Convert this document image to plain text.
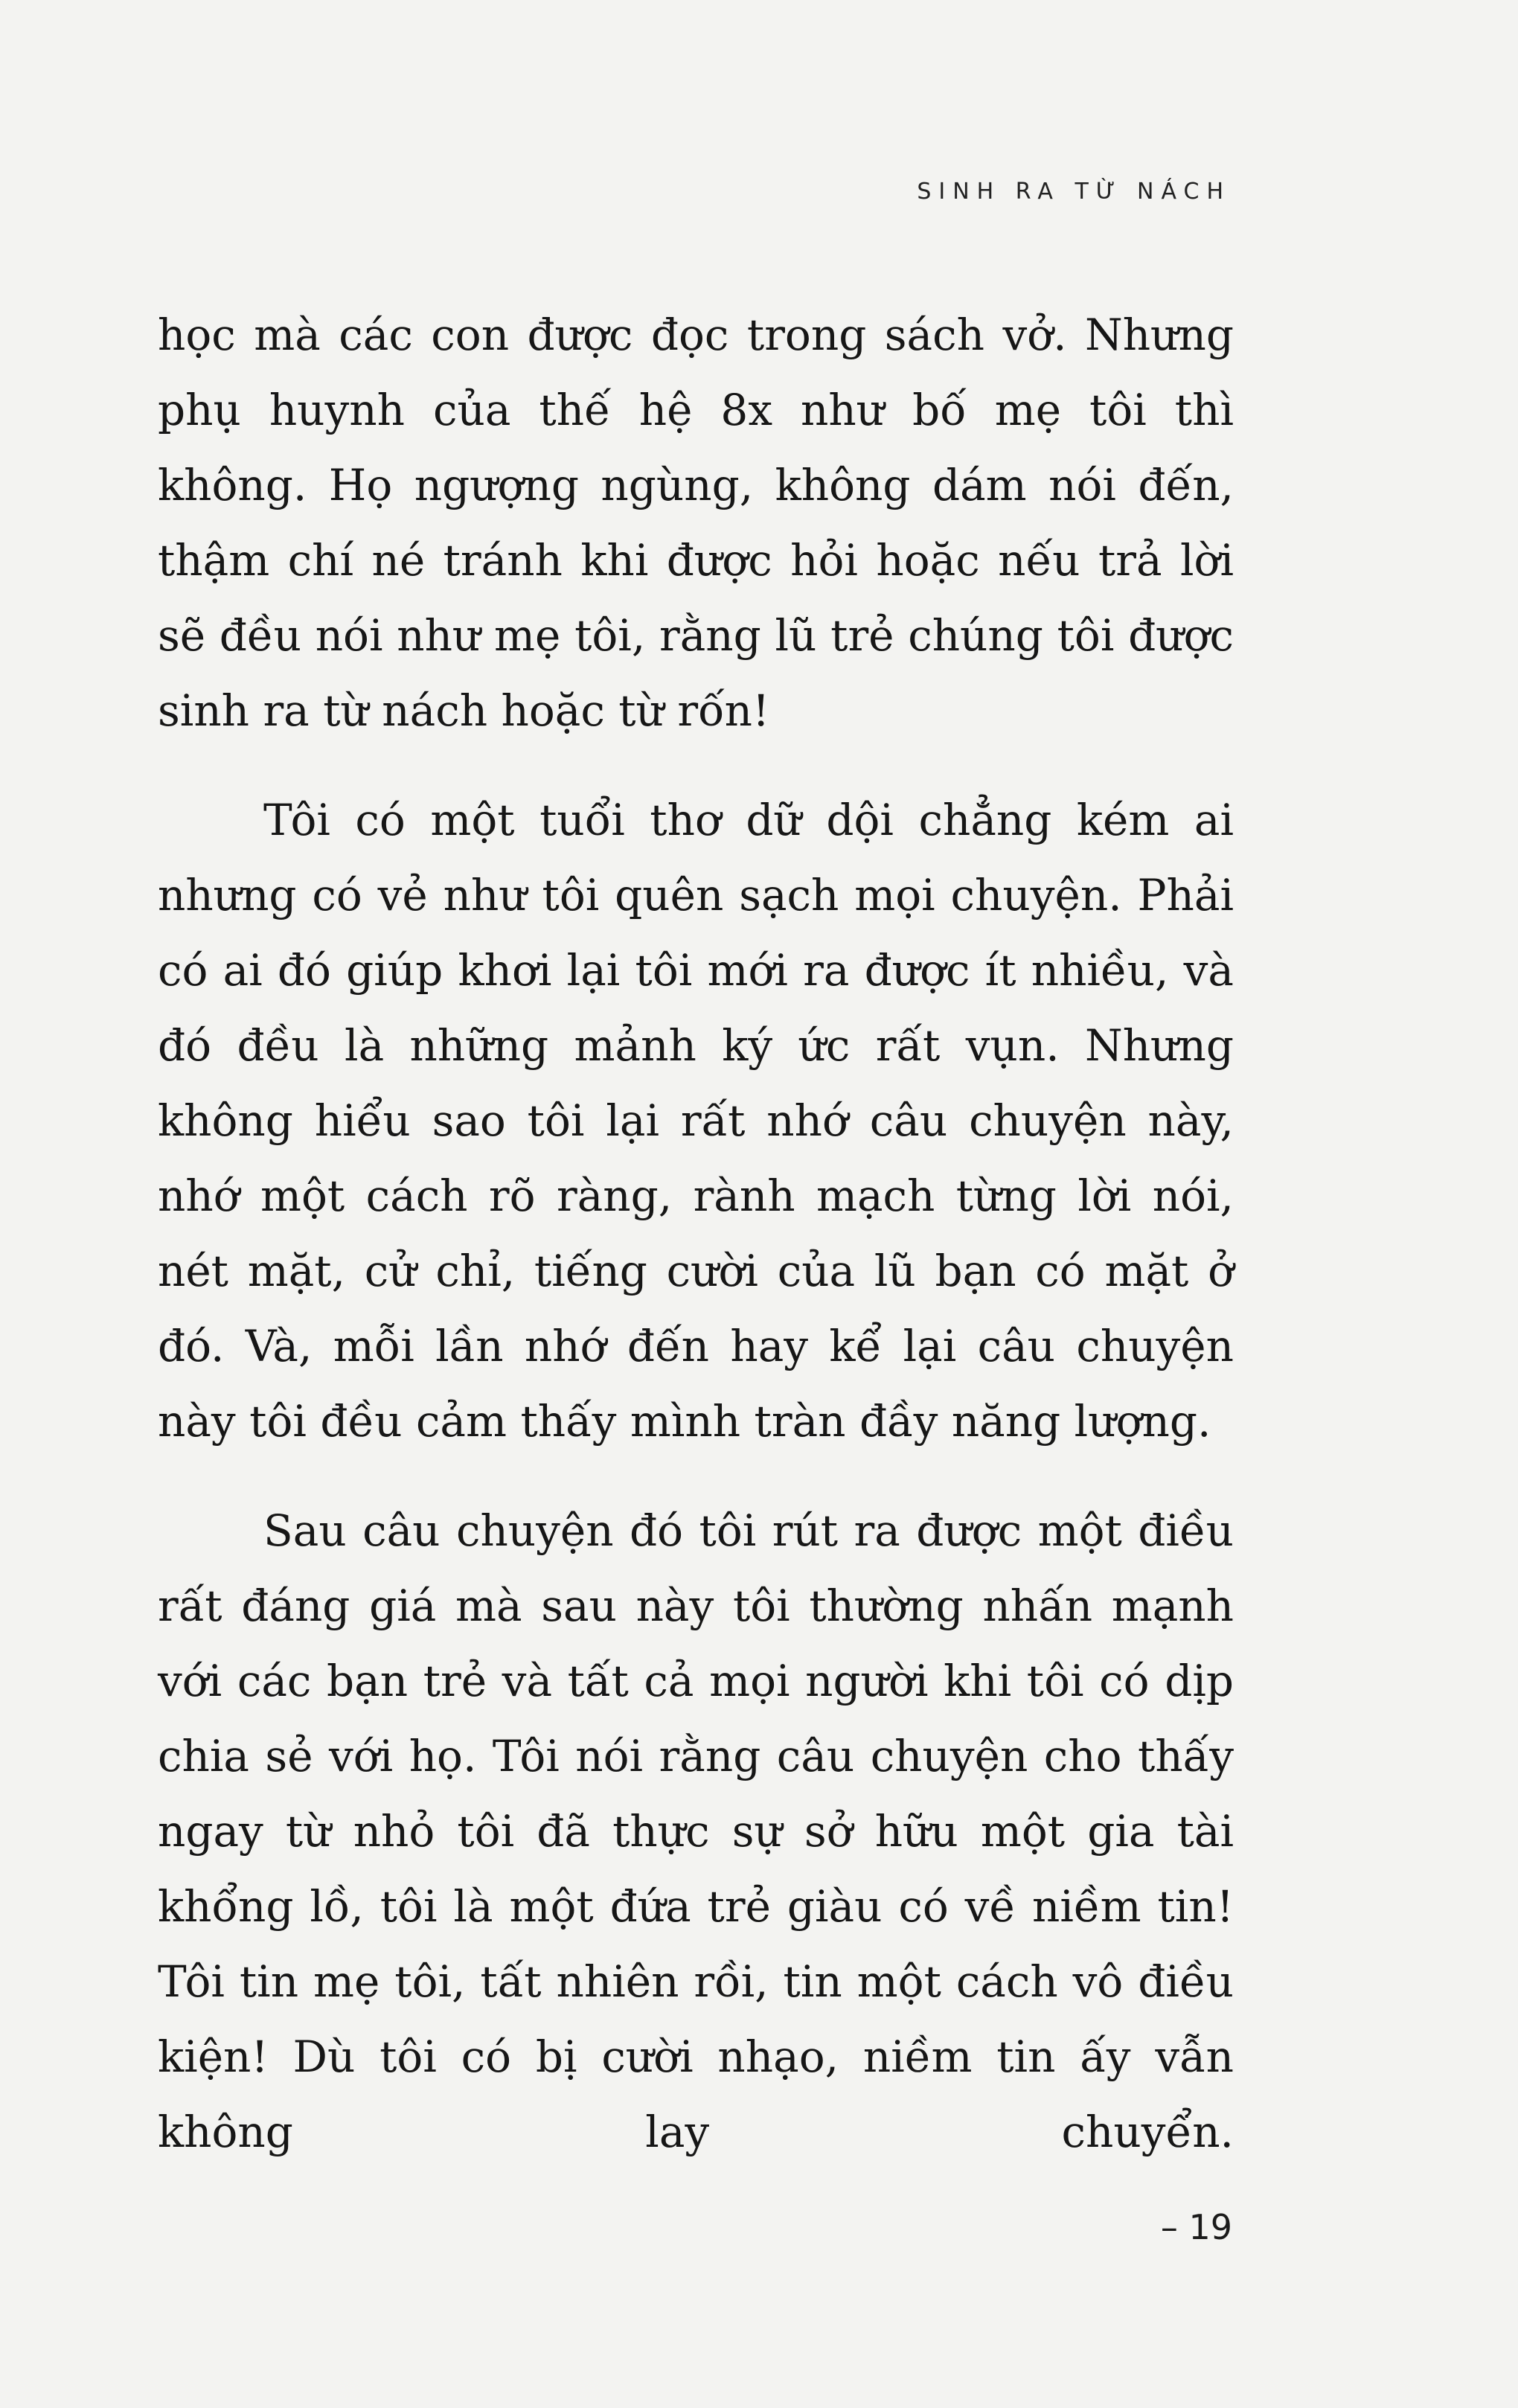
SINH RA TỪ NÁCH

học mà các con được đọc trong sách vở. Nhưng phụ huynh của thế hệ 8x như bố mẹ tôi thì không. Họ ngượng ngùng, không dám nói đến, thậm chí né tránh khi được hỏi hoặc nếu trả lời sẽ đều nói như mẹ tôi, rằng lũ trẻ chúng tôi được sinh ra từ nách hoặc từ rốn!

Tôi có một tuổi thơ dữ dội chẳng kém ai nhưng có vẻ như tôi quên sạch mọi chuyện. Phải có ai đó giúp khơi lại tôi mới ra được ít nhiều, và đó đều là những mảnh ký ức rất vụn. Nhưng không hiểu sao tôi lại rất nhớ câu chuyện này, nhớ một cách rõ ràng, rành mạch từng lời nói, nét mặt, cử chỉ, tiếng cười của lũ bạn có mặt ở đó. Và, mỗi lần nhớ đến hay kể lại câu chuyện này tôi đều cảm thấy mình tràn đầy năng lượng.

Sau câu chuyện đó tôi rút ra được một điều rất đáng giá mà sau này tôi thường nhấn mạnh với các bạn trẻ và tất cả mọi người khi tôi có dịp chia sẻ với họ. Tôi nói rằng câu chuyện cho thấy ngay từ nhỏ tôi đã thực sự sở hữu một gia tài khổng lồ, tôi là một đứa trẻ giàu có về niềm tin! Tôi tin mẹ tôi, tất nhiên rồi, tin một cách vô điều kiện! Dù tôi có bị cười nhạo, niềm tin ấy vẫn không lay chuyển.

– 19
